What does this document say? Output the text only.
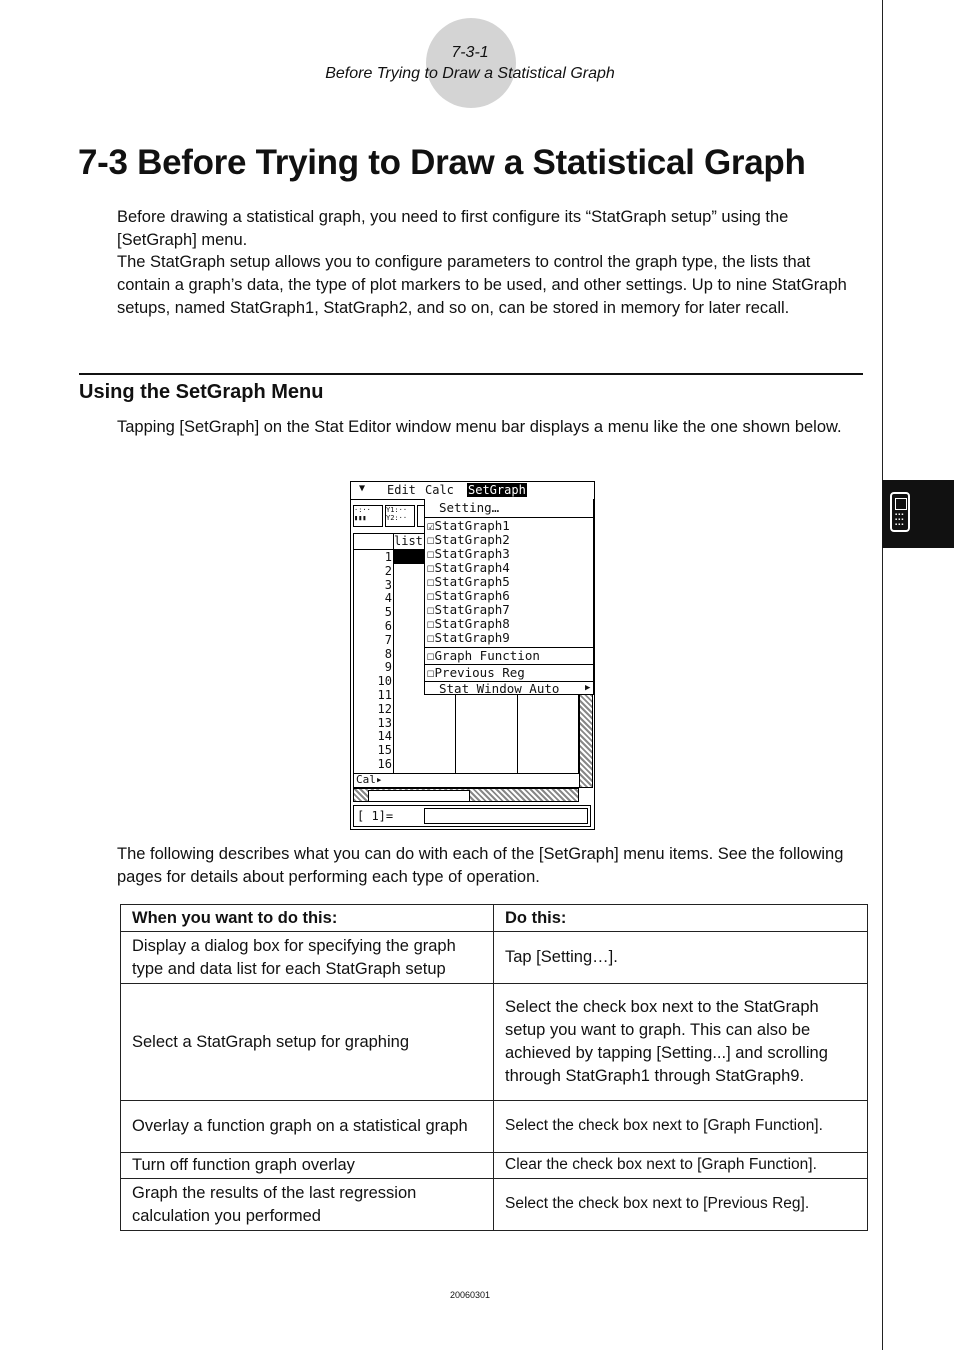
▪▪▪ ▪▪▪ ▪▪▪
7-3-1
Before Trying to Draw a Statistical Graph
7-3 Before Trying to Draw a Statistical Graph
Before drawing a statistical graph, you need to first configure its “StatGraph setup” using the [SetGraph] menu.
The StatGraph setup allows you to configure parameters to control the graph type, the lists that contain a graph’s data, the type of plot markers to be used, and other settings. Up to nine StatGraph setups, named StatGraph1, StatGraph2, and so on, can be stored in memory for later recall.
Using the SetGraph Menu
Tapping [SetGraph] on the Stat Editor window menu bar displays a menu like the one shown below.
▼ Edit Calc SetGraph
·:··
▮▮▮
Y1:··
Y2:··
list
1
2
3
4
5
6
7
8
9
10
11
12
13
14
15
16
Cal▸
[ 1]=
Setting…
☑StatGraph1
☐StatGraph2
☐StatGraph3
☐StatGraph4
☐StatGraph5
☐StatGraph6
☐StatGraph7
☐StatGraph8
☐StatGraph9
☐Graph Function
☐Previous Reg
Stat Window Auto	▶
The following describes what you can do with each of the [SetGraph] menu items. See the following pages for details about performing each type of operation.
When you want to do this:	Do this:
Display a dialog box for specifying the graph type and data list for each StatGraph setup	Tap [Setting…].
Select a StatGraph setup for graphing	Select the check box next to the StatGraph setup you want to graph. This can also be achieved by tapping [Setting...] and scrolling through StatGraph1 through StatGraph9.
Overlay a function graph on a statistical graph	Select the check box next to [Graph Function].
Turn off function graph overlay	Clear the check box next to [Graph Function].
Graph the results of the last regression calculation you performed	Select the check box next to [Previous Reg].
20060301
